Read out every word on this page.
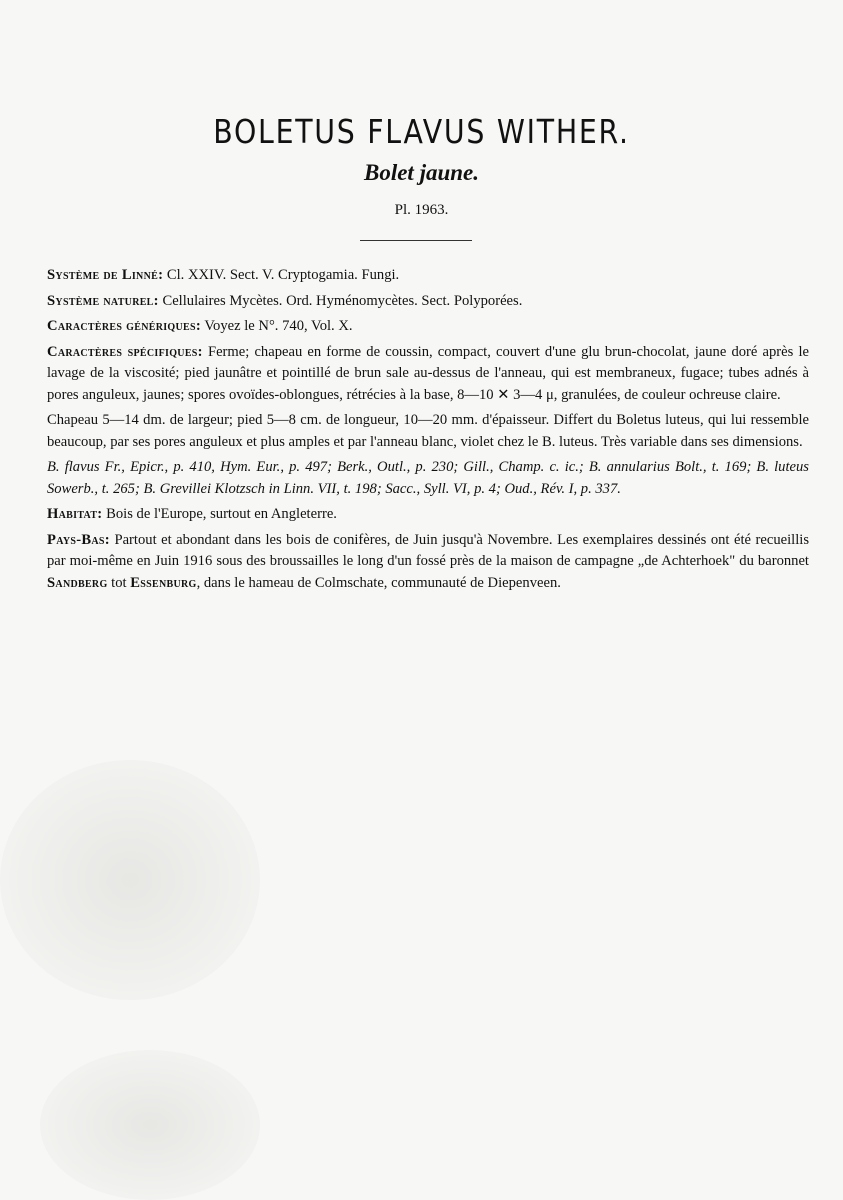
BOLETUS FLAVUS WITHER.
Bolet jaune.
Pl. 1963.

Système de Linné: Cl. XXIV. Sect. V. Cryptogamia. Fungi.

Système naturel: Cellulaires Mycètes. Ord. Hyménomycètes. Sect. Polyporées.

Caractères génériques: Voyez le N°. 740, Vol. X.

Caractères spécifiques: Ferme; chapeau en forme de coussin, compact, couvert d'une glu brun-chocolat, jaune doré après le lavage de la viscosité; pied jaunâtre et pointillé de brun sale au-dessus de l'anneau, qui est membraneux, fugace; tubes adnés à pores anguleux, jaunes; spores ovoïdes-oblongues, rétrécies à la base, 8—10 ✕ 3—4 μ, granulées, de couleur ochreuse claire.

Chapeau 5—14 dm. de largeur; pied 5—8 cm. de longueur, 10—20 mm. d'épaisseur. Differt du Boletus luteus, qui lui ressemble beaucoup, par ses pores anguleux et plus amples et par l'anneau blanc, violet chez le B. luteus. Très variable dans ses dimensions.

B. flavus Fr., Epicr., p. 410, Hym. Eur., p. 497; Berk., Outl., p. 230; Gill., Champ. c. ic.; B. annularius Bolt., t. 169; B. luteus Sowerb., t. 265; B. Grevillei Klotzsch in Linn. VII, t. 198; Sacc., Syll. VI, p. 4; Oud., Rév. I, p. 337.

Habitat: Bois de l'Europe, surtout en Angleterre.

Pays-Bas: Partout et abondant dans les bois de conifères, de Juin jusqu'à Novembre. Les exemplaires dessinés ont été recueillis par moi-même en Juin 1916 sous des broussailles le long d'un fossé près de la maison de campagne „de Achterhoek" du baronnet Sandberg tot Essenburg, dans le hameau de Colmschate, communauté de Diepenveen.
